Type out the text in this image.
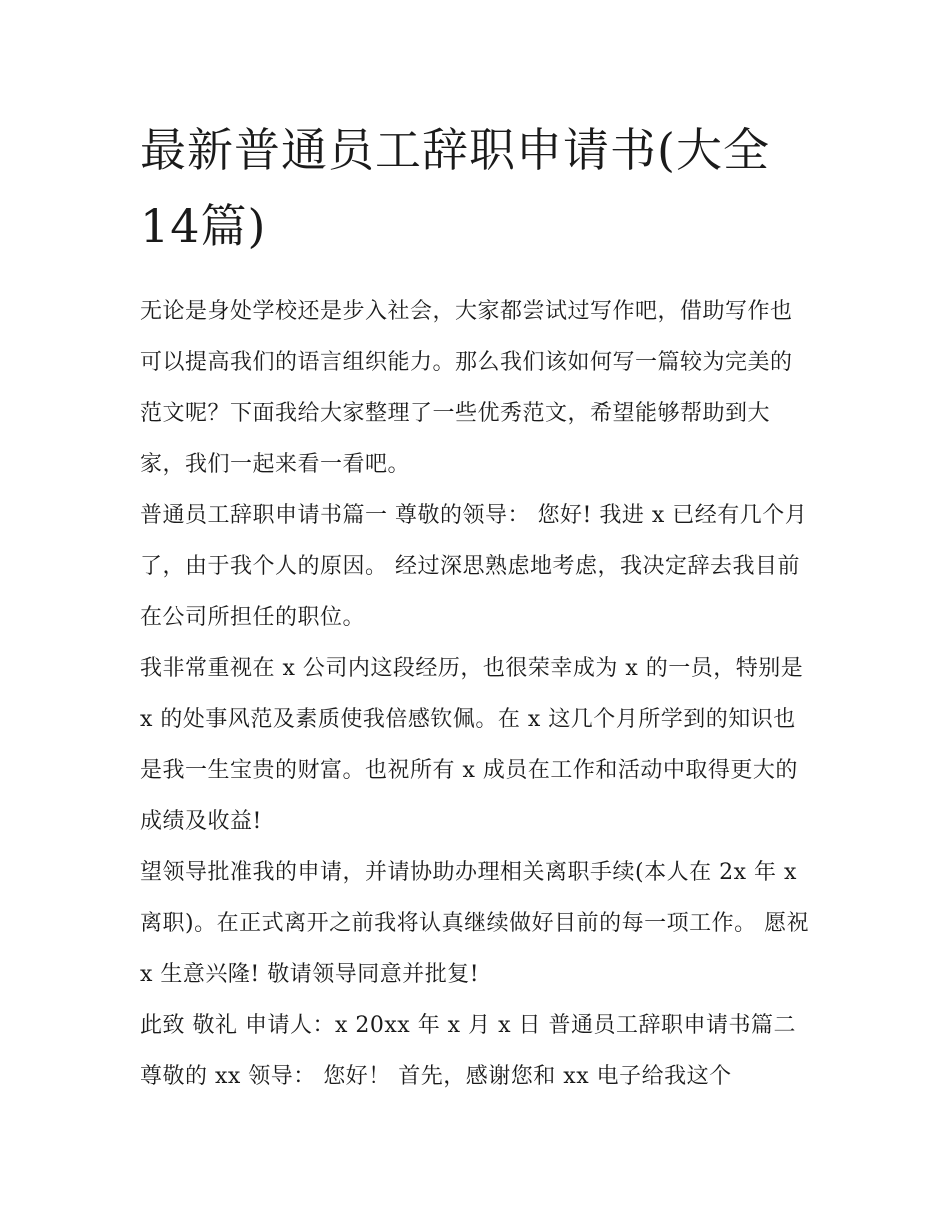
最新普通员工辞职申请书(大全14篇)

无论是身处学校还是步入社会，大家都尝试过写作吧，借助写作也可以提高我们的语言组织能力。那么我们该如何写一篇较为完美的范文呢？下面我给大家整理了一些优秀范文，希望能够帮助到大家，我们一起来看一看吧。

普通员工辞职申请书篇一 尊敬的领导： 您好! 我进 x 已经有几个月了，由于我个人的原因。 经过深思熟虑地考虑，我决定辞去我目前在公司所担任的职位。

我非常重视在 x 公司内这段经历，也很荣幸成为 x 的一员，特别是 x 的处事风范及素质使我倍感钦佩。在 x 这几个月所学到的知识也是我一生宝贵的财富。也祝所有 x 成员在工作和活动中取得更大的成绩及收益!

望领导批准我的申请，并请协助办理相关离职手续(本人在 2x 年 x 离职)。在正式离开之前我将认真继续做好目前的每一项工作。 愿祝 x 生意兴隆! 敬请领导同意并批复!

此致 敬礼 申请人：x 20xx 年 x 月 x 日 普通员工辞职申请书篇二 尊敬的 xx 领导： 您好！ 首先，感谢您和 xx 电子给我这个
